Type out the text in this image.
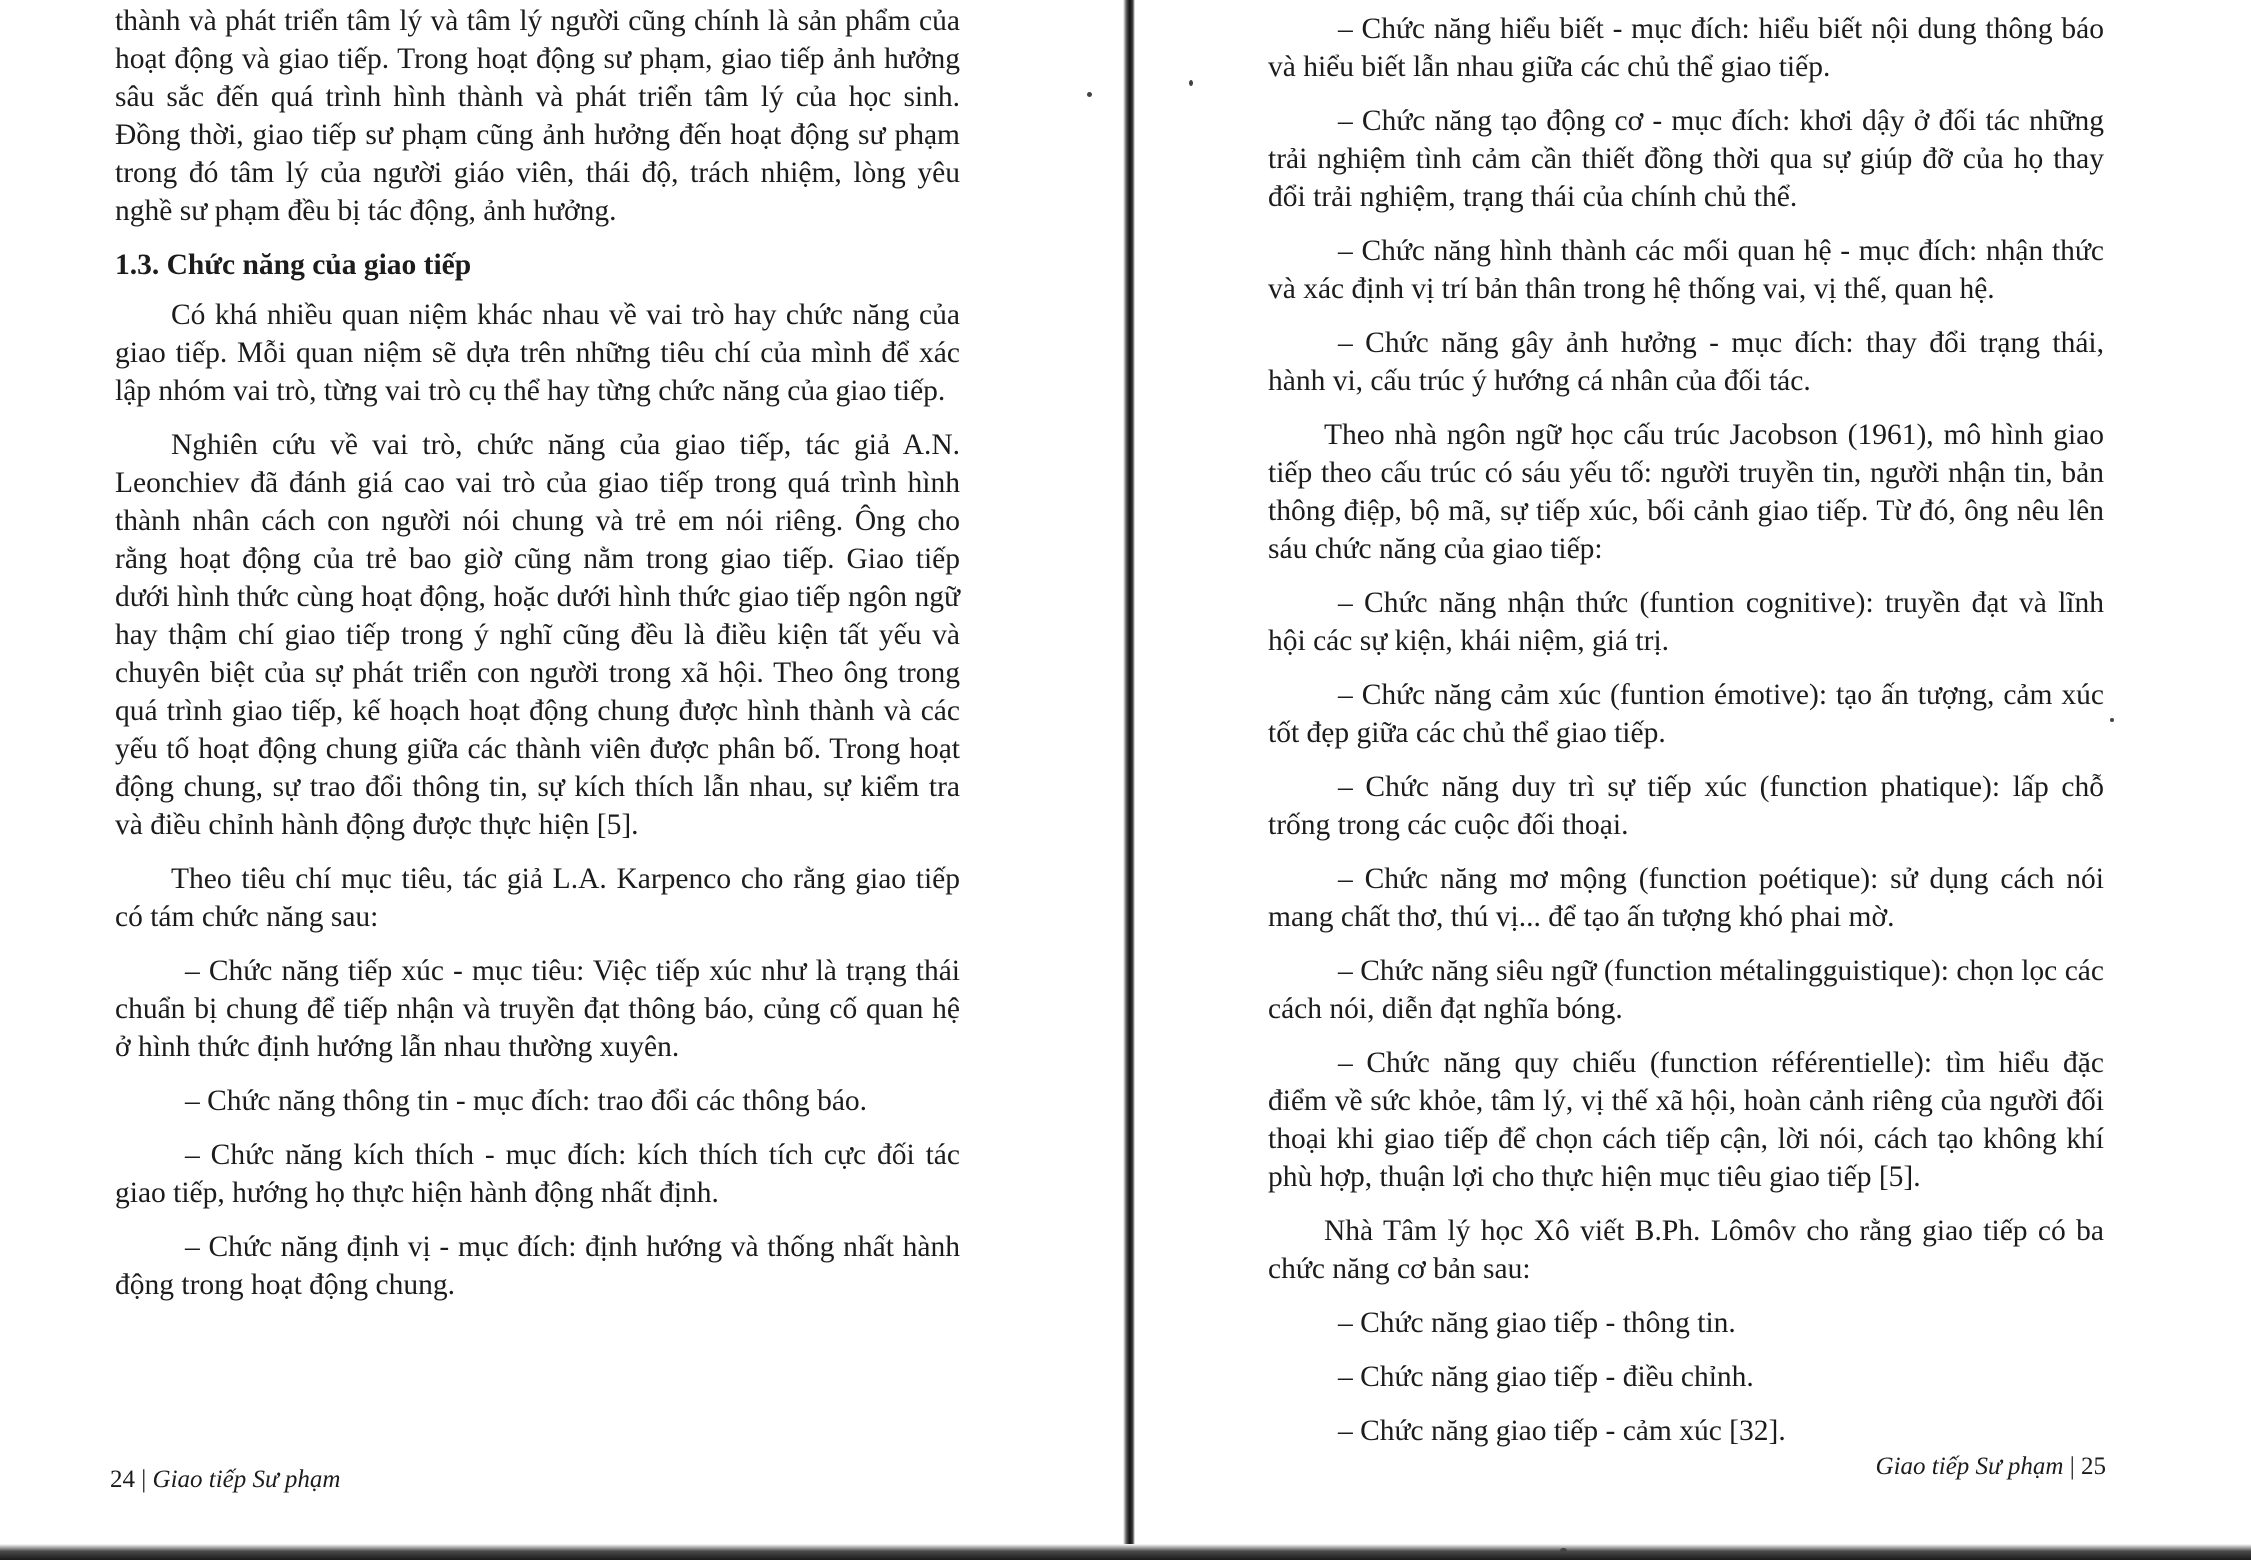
thành và phát triển tâm lý và tâm lý người cũng chính là sản phẩm của hoạt động và giao tiếp. Trong hoạt động sư phạm, giao tiếp ảnh hưởng sâu sắc đến quá trình hình thành và phát triển tâm lý của học sinh. Đồng thời, giao tiếp sư phạm cũng ảnh hưởng đến hoạt động sư phạm trong đó tâm lý của người giáo viên, thái độ, trách nhiệm, lòng yêu nghề sư phạm đều bị tác động, ảnh hưởng.

1.3. Chức năng của giao tiếp

Có khá nhiều quan niệm khác nhau về vai trò hay chức năng của giao tiếp. Mỗi quan niệm sẽ dựa trên những tiêu chí của mình để xác lập nhóm vai trò, từng vai trò cụ thể hay từng chức năng của giao tiếp.

Nghiên cứu về vai trò, chức năng của giao tiếp, tác giả A.N. Leonchiev đã đánh giá cao vai trò của giao tiếp trong quá trình hình thành nhân cách con người nói chung và trẻ em nói riêng. Ông cho rằng hoạt động của trẻ bao giờ cũng nằm trong giao tiếp. Giao tiếp dưới hình thức cùng hoạt động, hoặc dưới hình thức giao tiếp ngôn ngữ hay thậm chí giao tiếp trong ý nghĩ cũng đều là điều kiện tất yếu và chuyên biệt của sự phát triển con người trong xã hội. Theo ông trong quá trình giao tiếp, kế hoạch hoạt động chung được hình thành và các yếu tố hoạt động chung giữa các thành viên được phân bố. Trong hoạt động chung, sự trao đổi thông tin, sự kích thích lẫn nhau, sự kiểm tra và điều chỉnh hành động được thực hiện [5].

Theo tiêu chí mục tiêu, tác giả L.A. Karpenco cho rằng giao tiếp có tám chức năng sau:

– Chức năng tiếp xúc - mục tiêu: Việc tiếp xúc như là trạng thái chuẩn bị chung để tiếp nhận và truyền đạt thông báo, củng cố quan hệ ở hình thức định hướng lẫn nhau thường xuyên.

– Chức năng thông tin - mục đích: trao đổi các thông báo.

– Chức năng kích thích - mục đích: kích thích tích cực đối tác giao tiếp, hướng họ thực hiện hành động nhất định.

– Chức năng định vị - mục đích: định hướng và thống nhất hành động trong hoạt động chung.

24 | Giao tiếp Sư phạm

– Chức năng hiểu biết - mục đích: hiểu biết nội dung thông báo và hiểu biết lẫn nhau giữa các chủ thể giao tiếp.

– Chức năng tạo động cơ - mục đích: khơi dậy ở đối tác những trải nghiệm tình cảm cần thiết đồng thời qua sự giúp đỡ của họ thay đổi trải nghiệm, trạng thái của chính chủ thể.

– Chức năng hình thành các mối quan hệ - mục đích: nhận thức và xác định vị trí bản thân trong hệ thống vai, vị thế, quan hệ.

– Chức năng gây ảnh hưởng - mục đích: thay đổi trạng thái, hành vi, cấu trúc ý hướng cá nhân của đối tác.

Theo nhà ngôn ngữ học cấu trúc Jacobson (1961), mô hình giao tiếp theo cấu trúc có sáu yếu tố: người truyền tin, người nhận tin, bản thông điệp, bộ mã, sự tiếp xúc, bối cảnh giao tiếp. Từ đó, ông nêu lên sáu chức năng của giao tiếp:

– Chức năng nhận thức (funtion cognitive): truyền đạt và lĩnh hội các sự kiện, khái niệm, giá trị.

– Chức năng cảm xúc (funtion émotive): tạo ấn tượng, cảm xúc tốt đẹp giữa các chủ thể giao tiếp.

– Chức năng duy trì sự tiếp xúc (function phatique): lấp chỗ trống trong các cuộc đối thoại.

– Chức năng mơ mộng (function poétique): sử dụng cách nói mang chất thơ, thú vị... để tạo ấn tượng khó phai mờ.

– Chức năng siêu ngữ (function métalingguistique): chọn lọc các cách nói, diễn đạt nghĩa bóng.

– Chức năng quy chiếu (function référentielle): tìm hiểu đặc điểm về sức khỏe, tâm lý, vị thế xã hội, hoàn cảnh riêng của người đối thoại khi giao tiếp để chọn cách tiếp cận, lời nói, cách tạo không khí phù hợp, thuận lợi cho thực hiện mục tiêu giao tiếp [5].

Nhà Tâm lý học Xô viết B.Ph. Lômôv cho rằng giao tiếp có ba chức năng cơ bản sau:

– Chức năng giao tiếp - thông tin.

– Chức năng giao tiếp - điều chỉnh.

– Chức năng giao tiếp - cảm xúc [32].

Giao tiếp Sư phạm | 25
